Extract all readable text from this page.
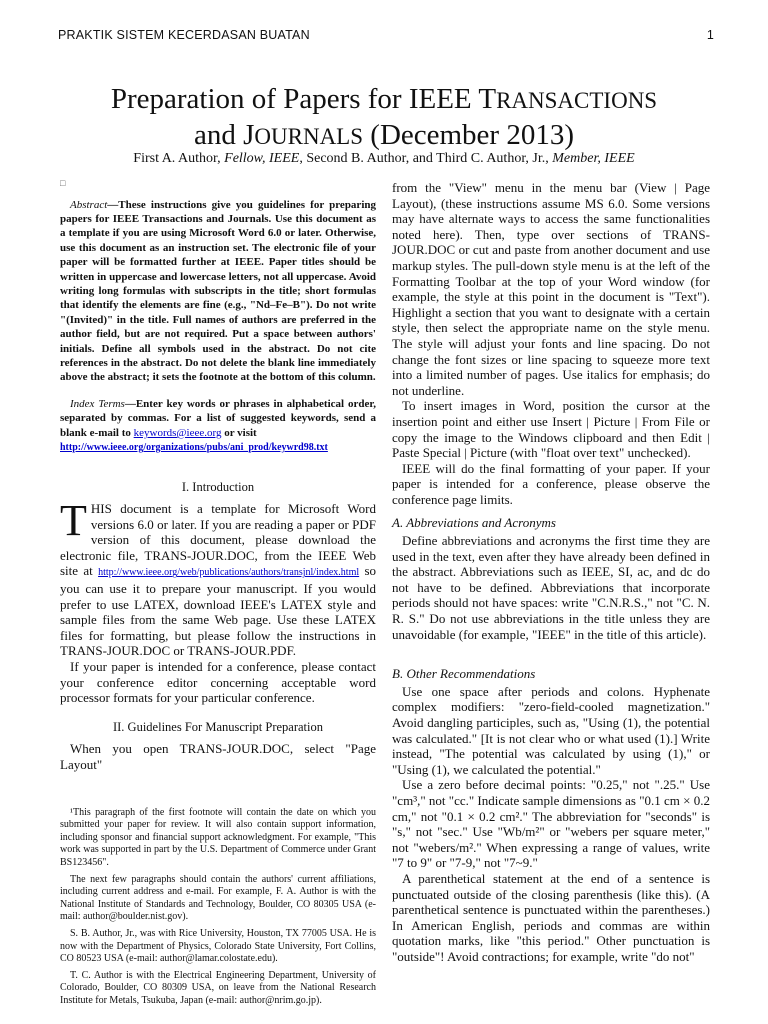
PRAKTIK SISTEM KECERDASAN BUATAN	1
Preparation of Papers for IEEE TRANSACTIONS
and JOURNALS (December 2013)
First A. Author, Fellow, IEEE, Second B. Author, and Third C. Author, Jr., Member, IEEE
□

Abstract—These instructions give you guidelines for preparing papers for IEEE Transactions and Journals. Use this document as a template if you are using Microsoft Word 6.0 or later. Otherwise, use this document as an instruction set. The electronic file of your paper will be formatted further at IEEE. Paper titles should be written in uppercase and lowercase letters, not all uppercase. Avoid writing long formulas with subscripts in the title; short formulas that identify the elements are fine (e.g., "Nd–Fe–B"). Do not write "(Invited)" in the title. Full names of authors are preferred in the author field, but are not required. Put a space between authors' initials. Define all symbols used in the abstract. Do not cite references in the abstract. Do not delete the blank line immediately above the abstract; it sets the footnote at the bottom of this column.

Index Terms—Enter key words or phrases in alphabetical order, separated by commas. For a list of suggested keywords, send a blank e-mail to keywords@ieee.org or visit
http://www.ieee.org/organizations/pubs/ani_prod/keywrd98.txt

I. Introduction

THIS document is a template for Microsoft Word versions 6.0 or later. If you are reading a paper or PDF version of this document, please download the electronic file, TRANS-JOUR.DOC, from the IEEE Web site at http://www.ieee.org/web/publications/authors/transjnl/index.html so you can use it to prepare your manuscript. If you would prefer to use LATEX, download IEEE's LATEX style and sample files from the same Web page. Use these LATEX files for formatting, but please follow the instructions in TRANS-JOUR.DOC or TRANS-JOUR.PDF.

If your paper is intended for a conference, please contact your conference editor concerning acceptable word processor formats for your particular conference.

II. Guidelines For Manuscript Preparation

When you open TRANS-JOUR.DOC, select "Page Layout"

¹This paragraph of the first footnote will contain the date on which you submitted your paper for review. It will also contain support information, including sponsor and financial support acknowledgment. For example, "This work was supported in part by the U.S. Department of Commerce under Grant BS123456".

The next few paragraphs should contain the authors' current affiliations, including current address and e-mail. For example, F. A. Author is with the National Institute of Standards and Technology, Boulder, CO 80305 USA (e-mail: author@boulder.nist.gov).

S. B. Author, Jr., was with Rice University, Houston, TX 77005 USA. He is now with the Department of Physics, Colorado State University, Fort Collins, CO 80523 USA (e-mail: author@lamar.colostate.edu).

T. C. Author is with the Electrical Engineering Department, University of Colorado, Boulder, CO 80309 USA, on leave from the National Research Institute for Metals, Tsukuba, Japan (e-mail: author@nrim.go.jp).

from the "View" menu in the menu bar (View | Page Layout), (these instructions assume MS 6.0. Some versions may have alternate ways to access the same functionalities noted here). Then, type over sections of TRANS-JOUR.DOC or cut and paste from another document and use markup styles. The pull-down style menu is at the left of the Formatting Toolbar at the top of your Word window (for example, the style at this point in the document is "Text"). Highlight a section that you want to designate with a certain style, then select the appropriate name on the style menu. The style will adjust your fonts and line spacing. Do not change the font sizes or line spacing to squeeze more text into a limited number of pages. Use italics for emphasis; do not underline.

To insert images in Word, position the cursor at the insertion point and either use Insert | Picture | From File or copy the image to the Windows clipboard and then Edit | Paste Special | Picture (with "float over text" unchecked).

IEEE will do the final formatting of your paper. If your paper is intended for a conference, please observe the conference page limits.

A. Abbreviations and Acronyms

Define abbreviations and acronyms the first time they are used in the text, even after they have already been defined in the abstract. Abbreviations such as IEEE, SI, ac, and dc do not have to be defined. Abbreviations that incorporate periods should not have spaces: write "C.N.R.S.," not "C. N. R. S." Do not use abbreviations in the title unless they are unavoidable (for example, "IEEE" in the title of this article).

B. Other Recommendations

Use one space after periods and colons. Hyphenate complex modifiers: "zero-field-cooled magnetization." Avoid dangling participles, such as, "Using (1), the potential was calculated." [It is not clear who or what used (1).] Write instead, "The potential was calculated by using (1)," or "Using (1), we calculated the potential."

Use a zero before decimal points: "0.25," not ".25." Use "cm³," not "cc." Indicate sample dimensions as "0.1 cm × 0.2 cm," not "0.1 × 0.2 cm²." The abbreviation for "seconds" is "s," not "sec." Use "Wb/m²" or "webers per square meter," not "webers/m²." When expressing a range of values, write "7 to 9" or "7-9," not "7~9."

A parenthetical statement at the end of a sentence is punctuated outside of the closing parenthesis (like this). (A parenthetical sentence is punctuated within the parentheses.) In American English, periods and commas are within quotation marks, like "this period." Other punctuation is "outside"! Avoid contractions; for example, write "do not"
